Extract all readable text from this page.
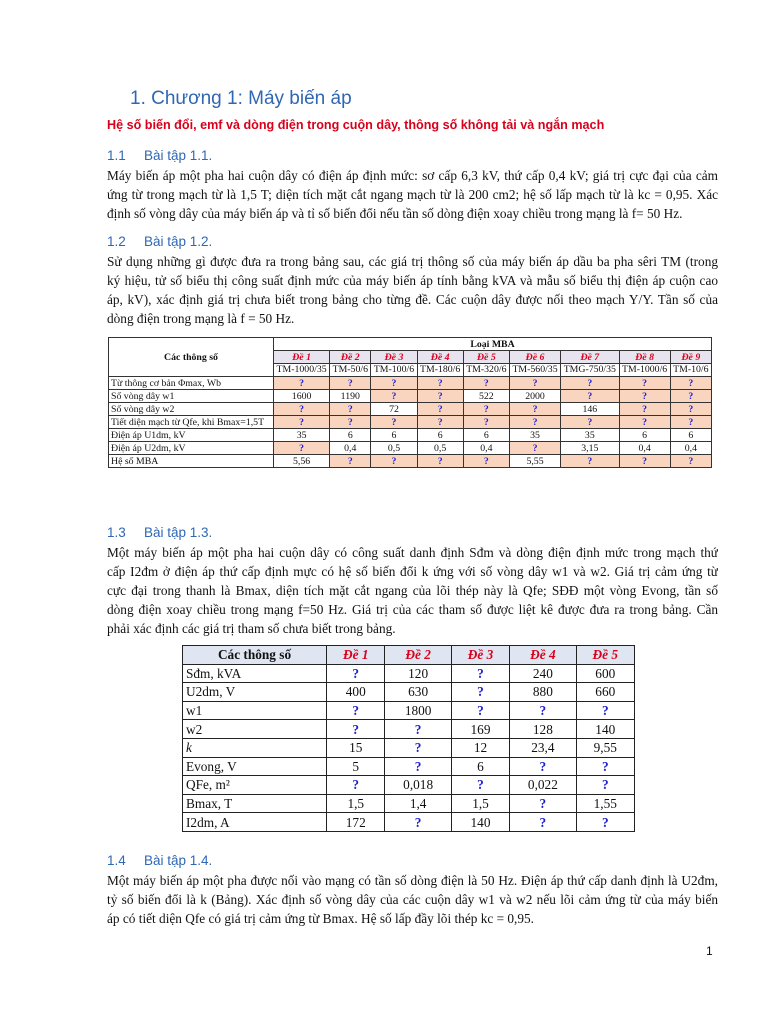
1. Chương 1: Máy biến áp
Hệ số biến đổi, emf và dòng điện trong cuộn dây, thông số không tải và ngắn mạch
1.1 Bài tập 1.1.
Máy biến áp một pha hai cuộn dây có điện áp định mức: sơ cấp 6,3 kV, thứ cấp 0,4 kV; giá trị cực đại của cảm
ứng từ trong mạch từ là 1,5 T; diện tích mặt cắt ngang mạch từ là 200 cm2; hệ số lấp mạch từ là kc = 0,95. Xác
định số vòng dây của máy biến áp và tỉ số biến đổi nếu tần số dòng điện xoay chiều trong mạng là f= 50 Hz.
1.2 Bài tập 1.2.
Sử dụng những gì được đưa ra trong bảng sau, các giá trị thông số của máy biến áp dầu ba pha sêri TM (trong
ký hiệu, tử số biểu thị công suất định mức của máy biến áp tính bằng kVA và mẫu số biểu thị điện áp cuộn cao
áp, kV), xác định giá trị chưa biết trong bảng cho từng đề. Các cuộn dây được nối theo mạch Y/Y. Tần số của
dòng điện trong mạng là f = 50 Hz.
Các thông số	Loại MBA								
	Đề 1	Đề 2	Đề 3	Đề 4	Đề 5	Đề 6	Đề 7	Đề 8	Đề 9
	TM-1000/35	TM-50/6	TM-100/6	TM-180/6	TM-320/6	TM-560/35	TMG-750/35	TM-1000/6	TM-10/6
Từ thông cơ bản Φmax, Wb	?	?	?	?	?	?	?	?	?
Số vòng dây w1	1600	1190	?	?	522	2000	?	?	?
Số vòng dây w2	?	?	72	?	?	?	146	?	?
Tiết diện mạch từ Qfe, khi Bmax=1,5T	?	?	?	?	?	?	?	?	?
Điện áp U1dm, kV	35	6	6	6	6	35	35	6	6
Điện áp U2dm, kV	?	0,4	0,5	0,5	0,4	?	3,15	0,4	0,4
Hệ số MBA	5,56	?	?	?	?	5,55	?	?	?
1.3 Bài tập 1.3.
Một máy biến áp một pha hai cuộn dây có công suất danh định Sđm và dòng điện định mức trong mạch thứ
cấp I2đm ở điện áp thứ cấp định mực có hệ số biến đổi k ứng với số vòng dây w1 và w2. Giá trị cảm ứng từ
cực đại trong thanh là Bmax, diện tích mặt cắt ngang của lõi thép này là Qfe; SĐĐ một vòng Evong, tần số
dòng điện xoay chiều trong mạng f=50 Hz. Giá trị của các tham số được liệt kê được đưa ra trong bảng. Cần
phải xác định các giá trị tham số chưa biết trong bảng.
Các thông số	Đề 1	Đề 2	Đề 3	Đề 4	Đề 5
Sđm, kVA	?	120	?	240	600
U2dm, V	400	630	?	880	660
w1	?	1800	?	?	?
w2	?	?	169	128	140
k	15	?	12	23,4	9,55
Evong, V	5	?	6	?	?
QFe, m²	?	0,018	?	0,022	?
Bmax, T	1,5	1,4	1,5	?	1,55
I2dm, A	172	?	140	?	?
1.4 Bài tập 1.4.
Một máy biến áp một pha được nối vào mạng có tần số dòng điện là 50 Hz. Điện áp thứ cấp danh định là U2đm,
tỷ số biến đổi là k (Bảng). Xác định số vòng dây của các cuộn dây w1 và w2 nếu lõi cảm ứng từ của máy biến
áp có tiết diện Qfe có giá trị cảm ứng từ Bmax. Hệ số lấp đầy lõi thép kc = 0,95.
1
